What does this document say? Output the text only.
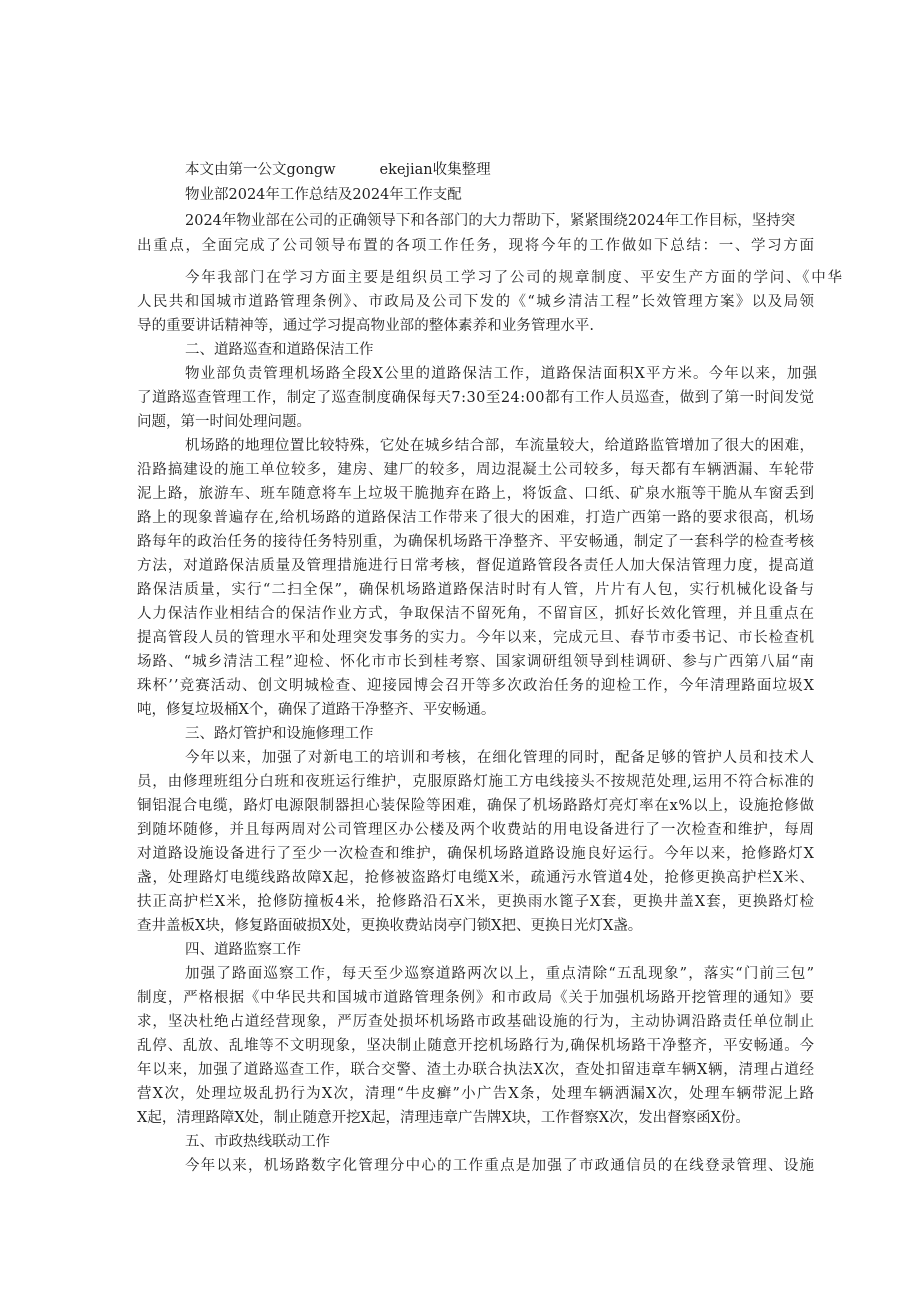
本文由第一公文gongw	ekejian收集整理
物业部2024年工作总结及2024年工作支配
2024年物业部在公司的正确领导下和各部门的大力帮助下，紧紧围绕2024年工作目标，坚持突
出重点，全面完成了公司领导布置的各项工作任务，现将今年的工作做如下总结：一、学习方面
今年我部门在学习方面主要是组织员工学习了公司的规章制度、平安生产方面的学问、《中华
人民共和国城市道路管理条例》、市政局及公司下发的《“城乡清洁工程”长效管理方案》以及局领
导的重要讲话精神等，通过学习提高物业部的整体素养和业务管理水平.
二、道路巡查和道路保洁工作
物业部负责管理机场路全段X公里的道路保洁工作，道路保洁面积X平方米。今年以来，加强
了道路巡查管理工作，制定了巡查制度确保每天7:30至24:00都有工作人员巡查，做到了第一时间发觉
问题，第一时间处理问题。
机场路的地理位置比较特殊，它处在城乡结合部，车流量较大，给道路监管增加了很大的困难，
沿路搞建设的施工单位较多，建房、建厂的较多，周边混凝土公司较多，每天都有车辆洒漏、车轮带
泥上路，旅游车、班车随意将车上垃圾干脆抛弃在路上，将饭盒、口纸、矿泉水瓶等干脆从车窗丢到
路上的现象普遍存在,给机场路的道路保洁工作带来了很大的困难，打造广西第一路的要求很高，机场
路每年的政治任务的接待任务特别重，为确保机场路干净整齐、平安畅通，制定了一套科学的检查考核
方法，对道路保洁质量及管理措施进行日常考核，督促道路管段各责任人加大保洁管理力度，提高道
路保洁质量，实行“二扫全保”，确保机场路道路保洁时时有人管，片片有人包，实行机械化设备与
人力保洁作业相结合的保洁作业方式，争取保洁不留死角，不留盲区，抓好长效化管理，并且重点在
提高管段人员的管理水平和处理突发事务的实力。今年以来，完成元旦、春节市委书记、市长检查机
场路、“城乡清洁工程”迎检、怀化市市长到桂考察、国家调研组领导到桂调研、参与广西第八届“南
珠杯’’竞赛活动、创文明城检查、迎接园博会召开等多次政治任务的迎检工作，今年清理路面垃圾X
吨，修复垃圾桶X个，确保了道路干净整齐、平安畅通。
三、路灯管护和设施修理工作
今年以来，加强了对新电工的培训和考核，在细化管理的同时，配备足够的管护人员和技术人
员，由修理班组分白班和夜班运行维护，克服原路灯施工方电线接头不按规范处理,运用不符合标准的
铜铝混合电缆，路灯电源限制器担心装保险等困难，确保了机场路路灯亮灯率在x%以上，设施抢修做
到随坏随修，并且每两周对公司管理区办公楼及两个收费站的用电设备进行了一次检查和维护，每周
对道路设施设备进行了至少一次检查和维护，确保机场路道路设施良好运行。今年以来，抢修路灯X
盏，处理路灯电缆线路故障X起，抢修被盗路灯电缆X米，疏通污水管道4处，抢修更换高护栏X米、
扶正高护栏X米，抢修防撞板4米，抢修路沿石X米，更换雨水篦子X套，更换井盖X套，更换路灯检
查井盖板X块，修复路面破损X处，更换收费站岗亭门锁X把、更换日光灯X盏。
四、道路监察工作
加强了路面巡察工作，每天至少巡察道路两次以上，重点清除“五乱现象”，落实“门前三包”
制度，严格根据《中华民共和国城市道路管理条例》和市政局《关于加强机场路开挖管理的通知》要
求，坚决杜绝占道经营现象，严厉查处损坏机场路市政基础设施的行为，主动协调沿路责任单位制止
乱停、乱放、乱堆等不文明现象，坚决制止随意开挖机场路行为,确保机场路干净整齐，平安畅通。今
年以来，加强了道路巡查工作，联合交警、渣土办联合执法X次，查处扣留违章车辆X辆，清理占道经
营X次，处理垃圾乱扔行为X次，清理“牛皮癣”小广告X条，处理车辆洒漏X次，处理车辆带泥上路
X起，清理路障X处，制止随意开挖X起，清理违章广告牌X块，工作督察X次，发出督察函X份。
五、市政热线联动工作
今年以来，机场路数字化管理分中心的工作重点是加强了市政通信员的在线登录管理、设施
